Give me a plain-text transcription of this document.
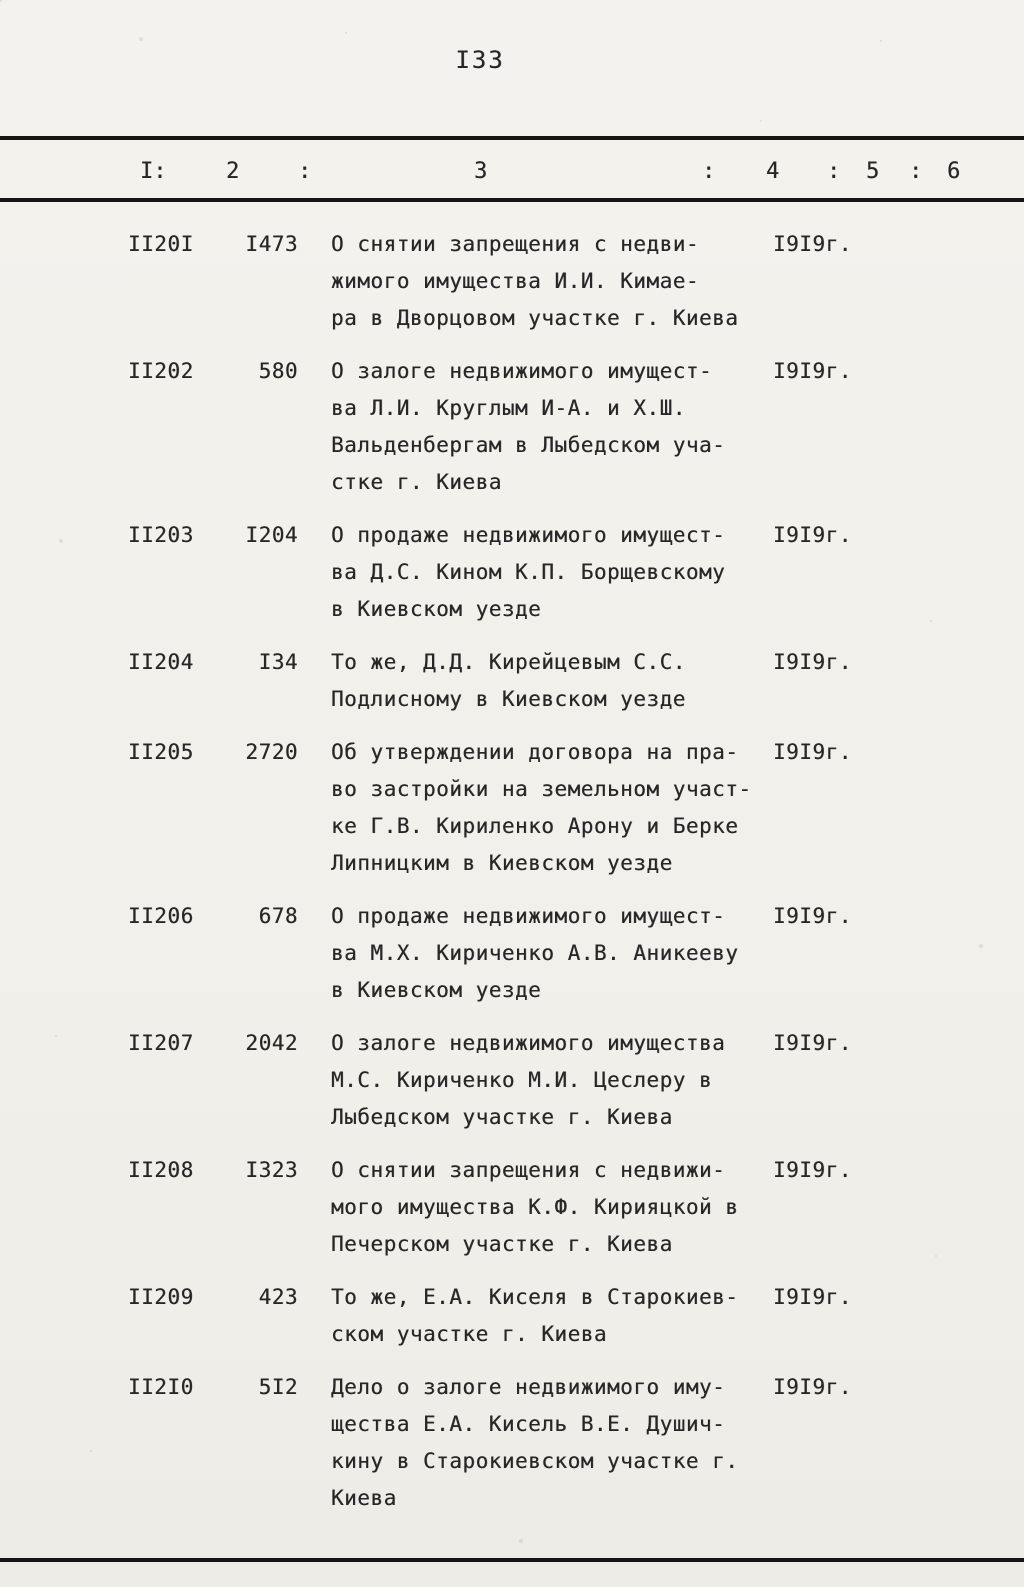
I33
I:	2	:	3	: 4 : 5 : 6
II20I	I473 О снятии запрещения с недви-
жимого имущества И.И. Кимае-
ра в Дворцовом участке г. Киева
I9I9г.
II202	580 О залоге недвижимого имущест-
ва Л.И. Круглым И-А. и Х.Ш.
Вальденбергам в Лыбедском уча-
стке г. Киева
I9I9г.
II203	I204 О продаже недвижимого имущест-
ва Д.С. Кином К.П. Борщевскому
в Киевском уезде
I9I9г.
II204	I34 То же, Д.Д. Кирейцевым С.С.
Подлисному в Киевском уезде
I9I9г.
II205	2720 Об утверждении договора на пра-
во застройки на земельном участ-
ке Г.В. Кириленко Арону и Берке
Липницким в Киевском уезде
I9I9г.
II206	678 О продаже недвижимого имущест-
ва М.Х. Кириченко А.В. Аникееву
в Киевском уезде
I9I9г.
II207	2042 О залоге недвижимого имущества
М.С. Кириченко М.И. Цеслеру в
Лыбедском участке г. Киева
I9I9г.
II208	I323 О снятии запрещения с недвижи-
мого имущества К.Ф. Кирияцкой в
Печерском участке г. Киева
I9I9г.
II209	423 То же, Е.А. Киселя в Старокиев-
ском участке г. Киева
I9I9г.
II2I0	5I2 Дело о залоге недвижимого иму-
щества Е.А. Кисель В.Е. Душич-
кину в Старокиевском участке г.
Киева
I9I9г.
